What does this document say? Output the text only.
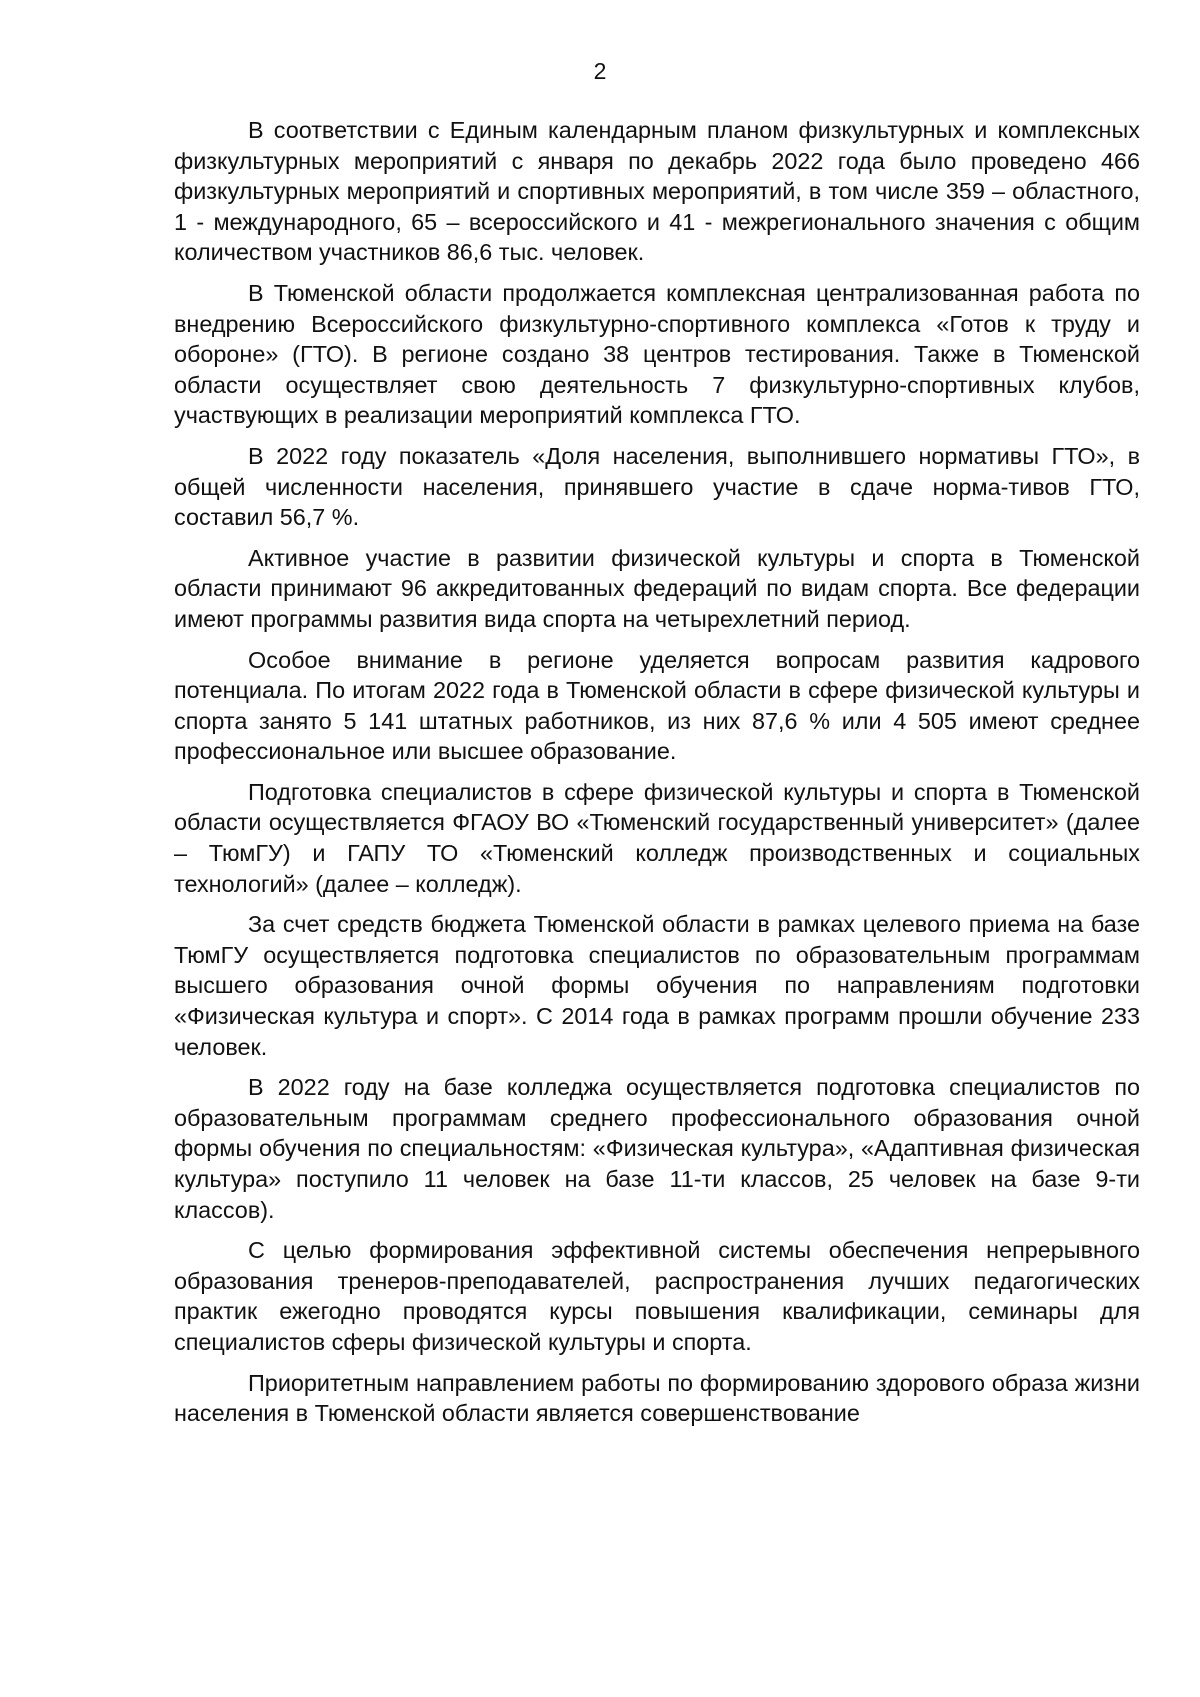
2

В соответствии с Единым календарным планом физкультурных и комплексных физкультурных мероприятий с января по декабрь 2022 года было проведено 466 физкультурных мероприятий и спортивных мероприятий, в том числе 359 – областного, 1 - международного, 65 – всероссийского и 41 - межрегионального значения с общим количеством участников 86,6 тыс. человек.

В Тюменской области продолжается комплексная централизованная работа по внедрению Всероссийского физкультурно-спортивного комплекса «Готов к труду и обороне» (ГТО). В регионе создано 38 центров тестирования. Также в Тюменской области осуществляет свою деятельность 7 физкультурно-спортивных клубов, участвующих в реализации мероприятий комплекса ГТО.

В 2022 году показатель «Доля населения, выполнившего нормативы ГТО», в общей численности населения, принявшего участие в сдаче норма-тивов ГТО, составил 56,7 %.

Активное участие в развитии физической культуры и спорта в Тюменской области принимают 96 аккредитованных федераций по видам спорта. Все федерации имеют программы развития вида спорта на четырехлетний период.

Особое внимание в регионе уделяется вопросам развития кадрового потенциала. По итогам 2022 года в Тюменской области в сфере физической культуры и спорта занято 5 141 штатных работников, из них 87,6 % или 4 505 имеют среднее профессиональное или высшее образование.

Подготовка специалистов в сфере физической культуры и спорта в Тюменской области осуществляется ФГАОУ ВО «Тюменский государственный университет» (далее – ТюмГУ) и ГАПУ ТО «Тюменский колледж производственных и социальных технологий» (далее – колледж).

За счет средств бюджета Тюменской области в рамках целевого приема на базе ТюмГУ осуществляется подготовка специалистов по образовательным программам высшего образования очной формы обучения по направлениям подготовки «Физическая культура и спорт». С 2014 года в рамках программ прошли обучение 233 человек.

В 2022 году на базе колледжа осуществляется подготовка специалистов по образовательным программам среднего профессионального образования очной формы обучения по специальностям: «Физическая культура», «Адаптивная физическая культура» поступило 11 человек на базе 11-ти классов, 25 человек на базе 9-ти классов).

С целью формирования эффективной системы обеспечения непрерывного образования тренеров-преподавателей, распространения лучших педагогических практик ежегодно проводятся курсы повышения квалификации, семинары для специалистов сферы физической культуры и спорта.

Приоритетным направлением работы по формированию здорового образа жизни населения в Тюменской области является совершенствование
